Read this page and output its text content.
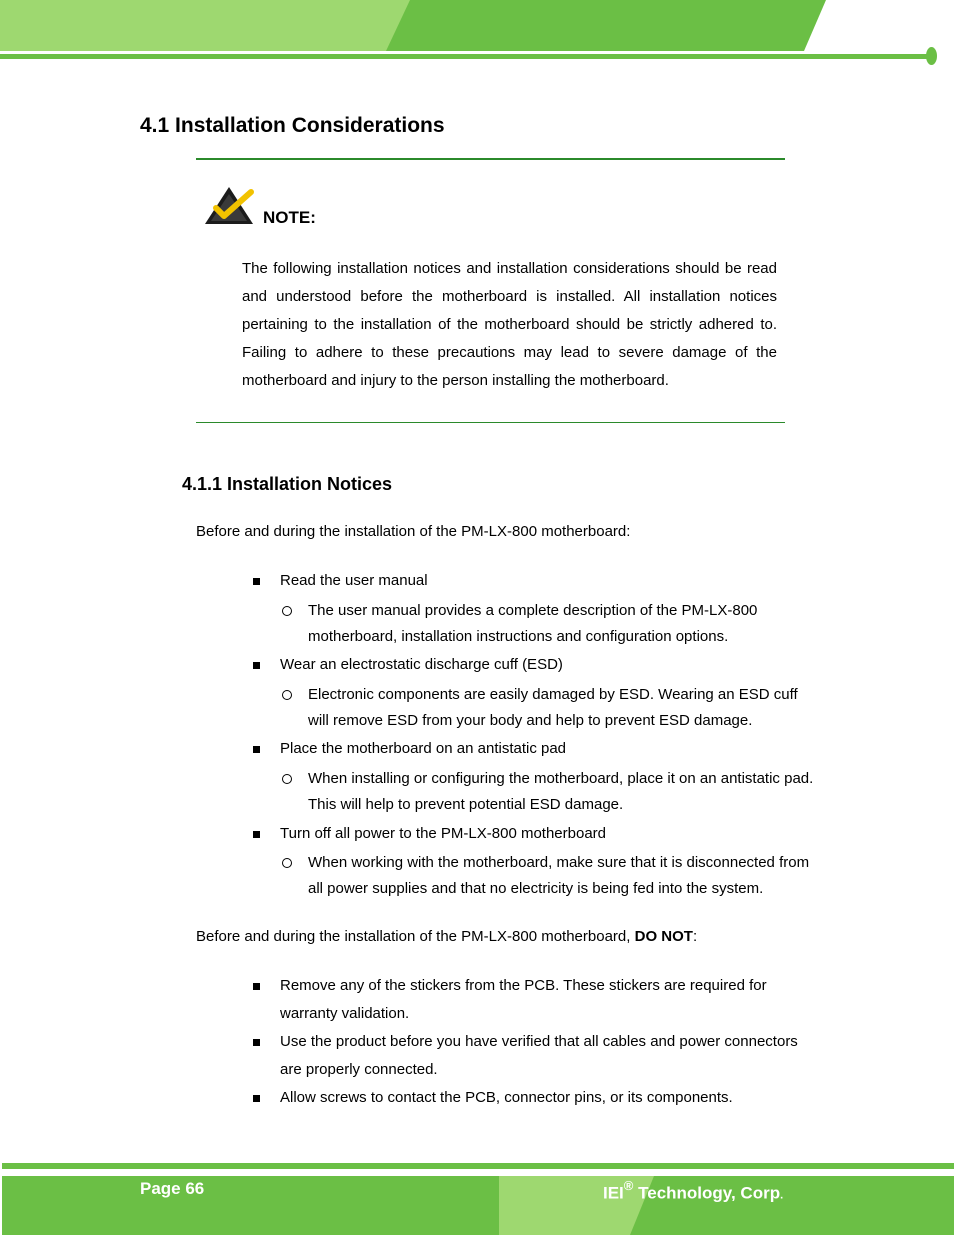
4.1 Installation Considerations
NOTE:

The following installation notices and installation considerations should be read and understood before the motherboard is installed. All installation notices pertaining to the installation of the motherboard should be strictly adhered to. Failing to adhere to these precautions may lead to severe damage of the motherboard and injury to the person installing the motherboard.

4.1.1 Installation Notices

Before and during the installation of the PM-LX-800 motherboard:

Read the user manual
The user manual provides a complete description of the PM-LX-800 motherboard, installation instructions and configuration options.
Wear an electrostatic discharge cuff (ESD)
Electronic components are easily damaged by ESD. Wearing an ESD cuff will remove ESD from your body and help to prevent ESD damage.
Place the motherboard on an antistatic pad
When installing or configuring the motherboard, place it on an antistatic pad. This will help to prevent potential ESD damage.
Turn off all power to the PM-LX-800 motherboard
When working with the motherboard, make sure that it is disconnected from all power supplies and that no electricity is being fed into the system.

Before and during the installation of the PM-LX-800 motherboard, DO NOT:

Remove any of the stickers from the PCB. These stickers are required for warranty validation.
Use the product before you have verified that all cables and power connectors are properly connected.
Allow screws to contact the PCB, connector pins, or its components.
Page 66	IEI® Technology, Corp.
